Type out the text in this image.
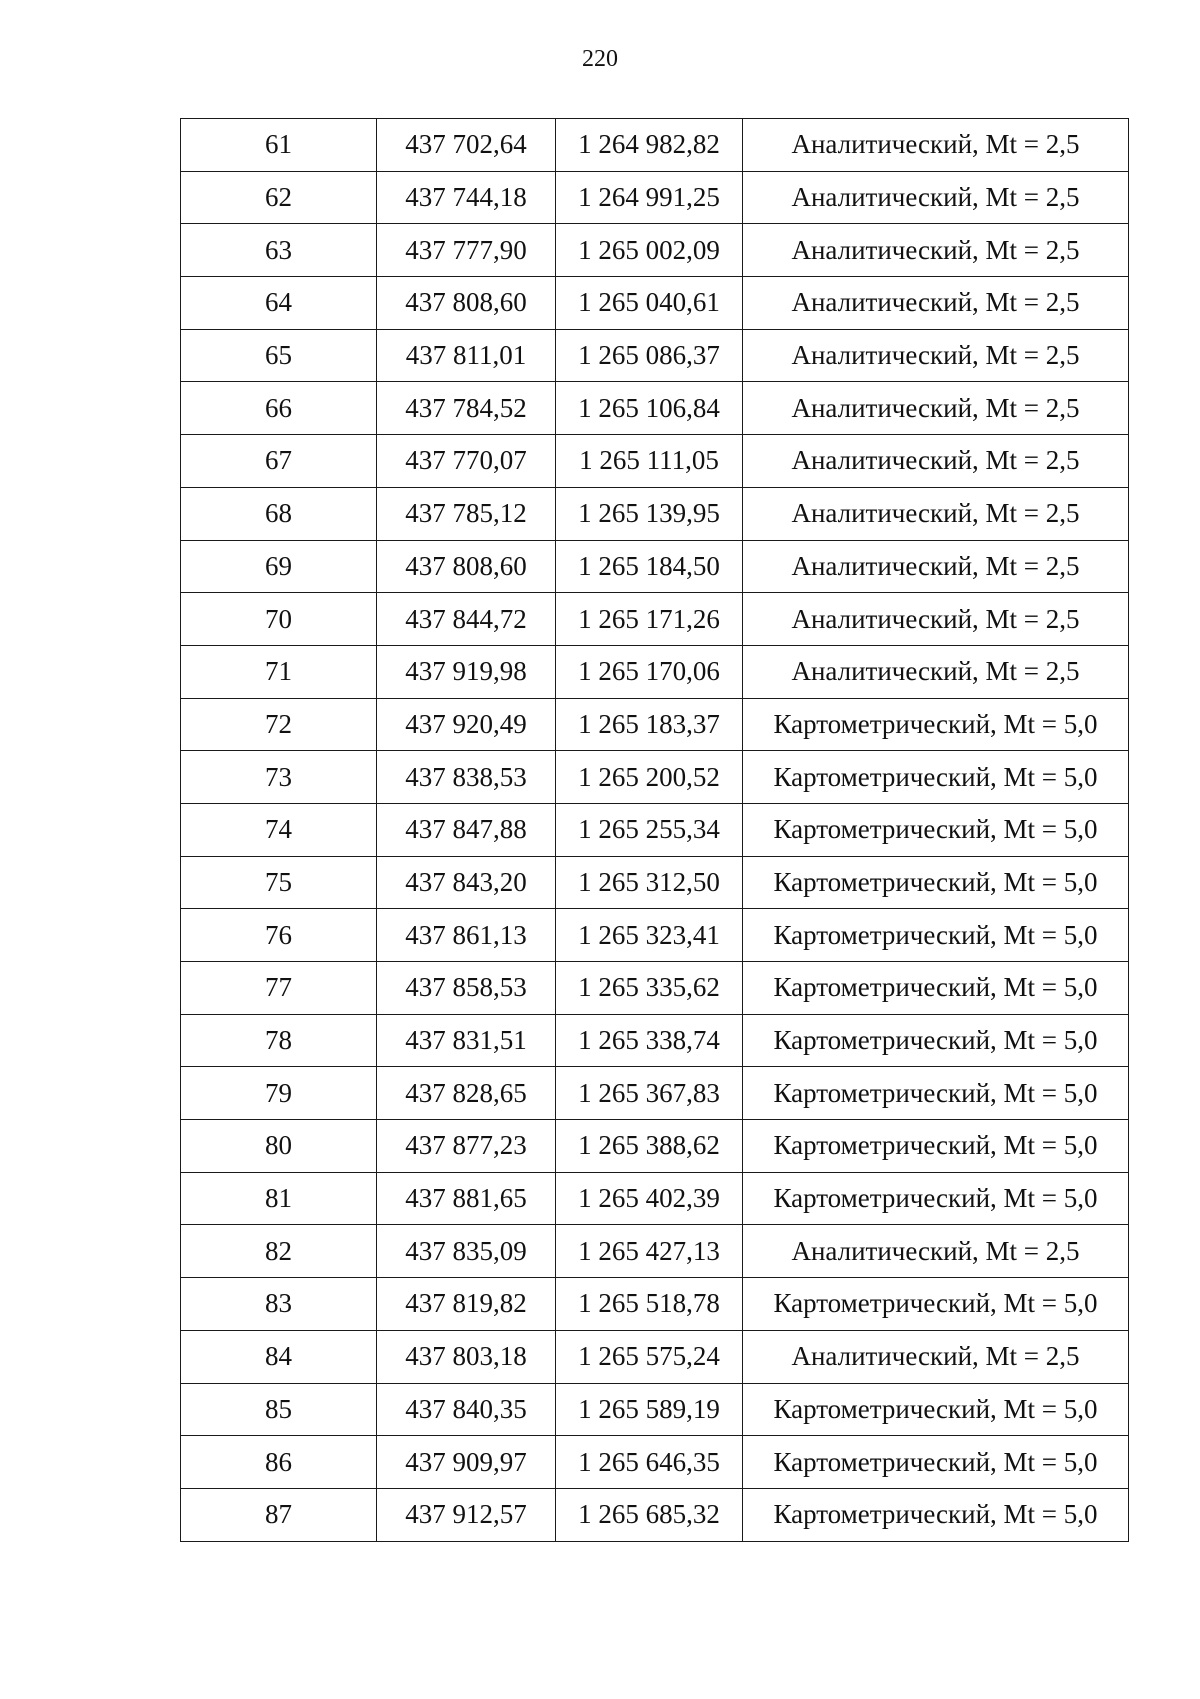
220
61	437 702,64	1 264 982,82	Аналитический, Mt = 2,5
62	437 744,18	1 264 991,25	Аналитический, Mt = 2,5
63	437 777,90	1 265 002,09	Аналитический, Mt = 2,5
64	437 808,60	1 265 040,61	Аналитический, Mt = 2,5
65	437 811,01	1 265 086,37	Аналитический, Mt = 2,5
66	437 784,52	1 265 106,84	Аналитический, Mt = 2,5
67	437 770,07	1 265 111,05	Аналитический, Mt = 2,5
68	437 785,12	1 265 139,95	Аналитический, Mt = 2,5
69	437 808,60	1 265 184,50	Аналитический, Mt = 2,5
70	437 844,72	1 265 171,26	Аналитический, Mt = 2,5
71	437 919,98	1 265 170,06	Аналитический, Mt = 2,5
72	437 920,49	1 265 183,37	Картометрический, Mt = 5,0
73	437 838,53	1 265 200,52	Картометрический, Mt = 5,0
74	437 847,88	1 265 255,34	Картометрический, Mt = 5,0
75	437 843,20	1 265 312,50	Картометрический, Mt = 5,0
76	437 861,13	1 265 323,41	Картометрический, Mt = 5,0
77	437 858,53	1 265 335,62	Картометрический, Mt = 5,0
78	437 831,51	1 265 338,74	Картометрический, Mt = 5,0
79	437 828,65	1 265 367,83	Картометрический, Mt = 5,0
80	437 877,23	1 265 388,62	Картометрический, Mt = 5,0
81	437 881,65	1 265 402,39	Картометрический, Mt = 5,0
82	437 835,09	1 265 427,13	Аналитический, Mt = 2,5
83	437 819,82	1 265 518,78	Картометрический, Mt = 5,0
84	437 803,18	1 265 575,24	Аналитический, Mt = 2,5
85	437 840,35	1 265 589,19	Картометрический, Mt = 5,0
86	437 909,97	1 265 646,35	Картометрический, Mt = 5,0
87	437 912,57	1 265 685,32	Картометрический, Mt = 5,0
